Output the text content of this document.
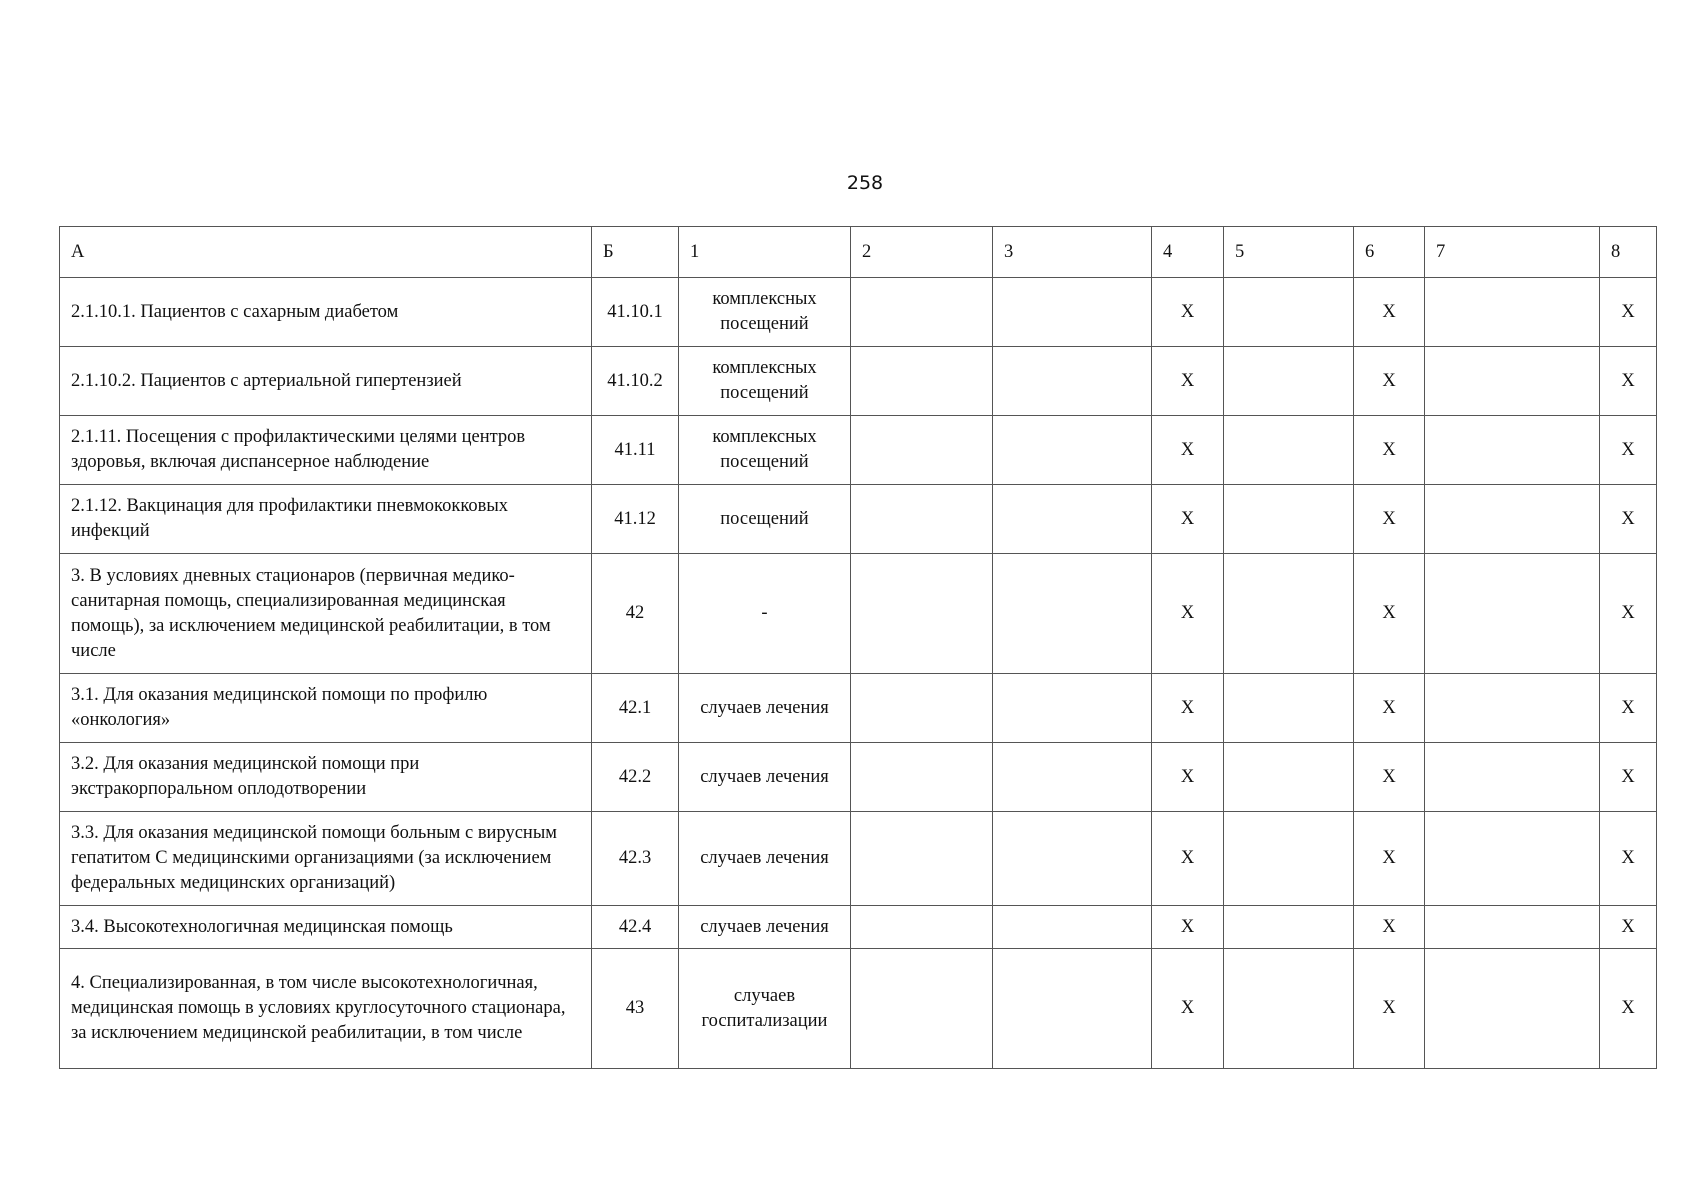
258
А	Б	1	2	3	4	5	6	7	8
2.1.10.1. Пациентов с сахарным диабетом	41.10.1	комплексных посещений			X		X		X
2.1.10.2. Пациентов с артериальной гипертензией	41.10.2	комплексных посещений			X		X		X
2.1.11. Посещения с профилактическими целями центров здоровья, включая диспансерное наблюдение	41.11	комплексных посещений			X		X		X
2.1.12. Вакцинация для профилактики пневмококковых инфекций	41.12	посещений			X		X		X
3. В условиях дневных стационаров (первичная медико-санитарная помощь, специализированная медицинская помощь), за исключением медицинской реабилитации, в том числе	42	-			X		X		X
3.1. Для оказания медицинской помощи по профилю «онкология»	42.1	случаев лечения			X		X		X
3.2. Для оказания медицинской помощи при экстракорпоральном оплодотворении	42.2	случаев лечения			X		X		X
3.3. Для оказания медицинской помощи больным с вирусным гепатитом С медицинскими организациями (за исключением федеральных медицинских организаций)	42.3	случаев лечения			X		X		X
3.4. Высокотехнологичная медицинская помощь	42.4	случаев лечения			X		X		X
4. Специализированная, в том числе высокотехнологичная, медицинская помощь в условиях круглосуточного стационара, за исключением медицинской реабилитации, в том числе	43	случаев госпитализации			X		X		X
